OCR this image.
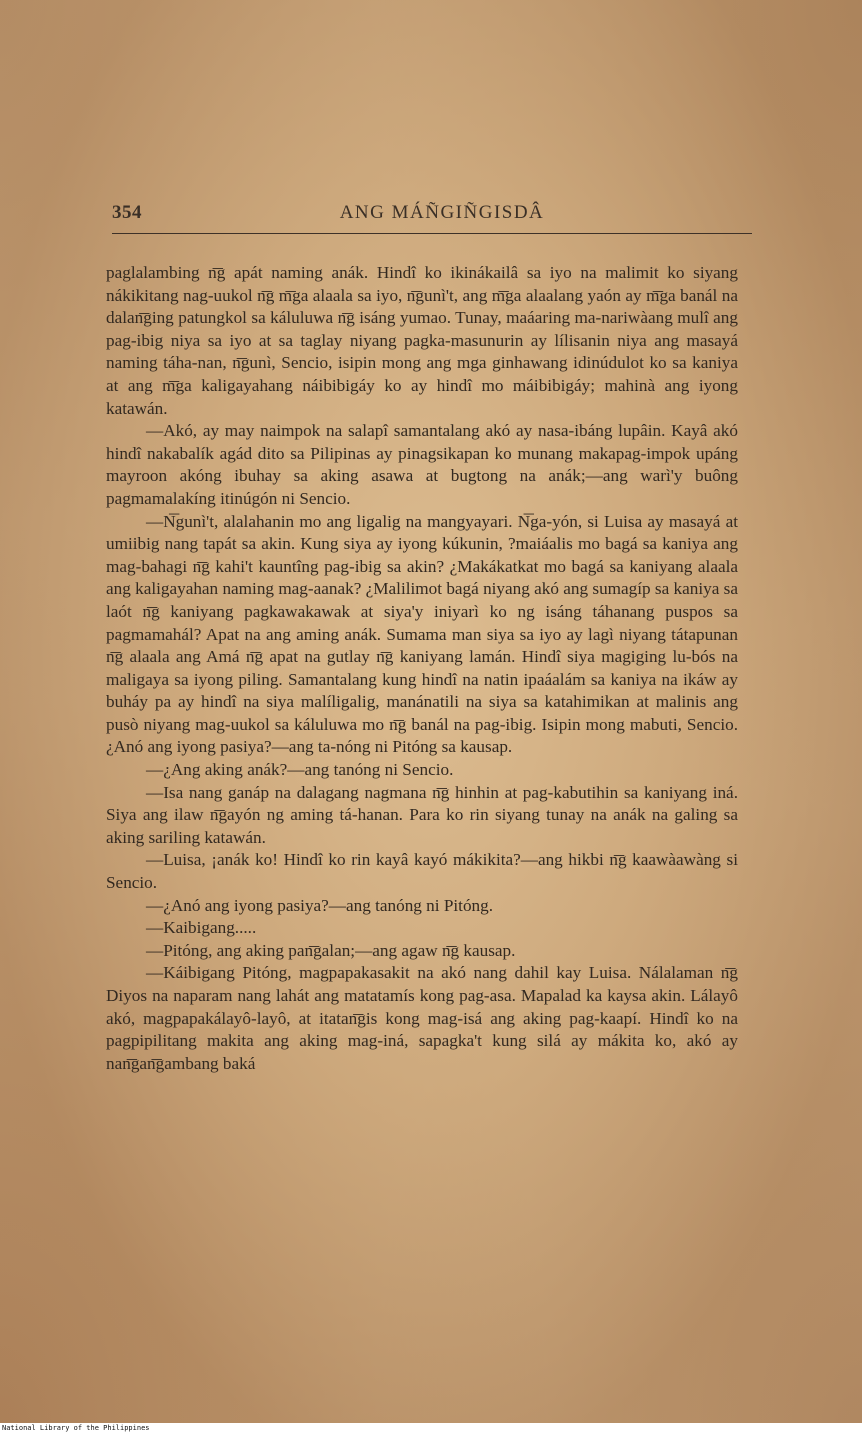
354	ANG MÁÑGIÑGISDÂ

paglalambing n͞g apát naming anák. Hindî ko ikinákailâ sa iyo na malimit ko siyang nákikitang nag-uukol n͞g m͞ga alaala sa iyo, n͞gunì't, ang m͞ga alaalang yaón ay m͞ga banál na dalan͞ging patungkol sa káluluwa n͞g isáng yumao. Tunay, maáaring ma-nariwàang mulî ang pag-ibig niya sa iyo at sa taglay niyang pagka-masunurin ay lílisanin niya ang masayá naming táha-nan, n͞gunì, Sencio, isipin mong ang mga ginhawang idinúdulot ko sa kaniya at ang m͞ga kaligayahang náibibigáy ko ay hindî mo máibibigáy; mahinà ang iyong katawán.

—Akó, ay may naimpok na salapî samantalang akó ay nasa-ibáng lupâin. Kayâ akó hindî nakabalík agád dito sa Pilipinas ay pinagsikapan ko munang makapag-impok upáng mayroon akóng ibuhay sa aking asawa at bugtong na anák;—ang warì'y buông pagmamalakíng itinúgón ni Sencio.

—N͞gunì't, alalahanin mo ang ligalig na mangyayari. N͞ga-yón, si Luisa ay masayá at umiibig nang tapát sa akin. Kung siya ay iyong kúkunin, ?maiáalis mo bagá sa kaniya ang mag-bahagi n͞g kahi't kauntîng pag-ibig sa akin? ¿Makákatkat mo bagá sa kaniyang alaala ang kaligayahan naming mag-aanak? ¿Malilimot bagá niyang akó ang sumagíp sa kaniya sa laót n͞g kaniyang pagkawakawak at siya'y iniyarì ko ng isáng táhanang puspos sa pagmamahál? Apat na ang aming anák. Sumama man siya sa iyo ay lagì niyang tátapunan n͞g alaala ang Amá n͞g apat na gutlay n͞g kaniyang lamán. Hindî siya magiging lu-bós na maligaya sa iyong piling. Samantalang kung hindî na natin ipaáalám sa kaniya na ikáw ay buháy pa ay hindî na siya malíligalig, manánatili na siya sa katahimikan at malinis ang pusò niyang mag-uukol sa káluluwa mo n͞g banál na pag-ibig. Isipin mong mabuti, Sencio. ¿Anó ang iyong pasiya?—ang ta-nóng ni Pitóng sa kausap.

—¿Ang aking anák?—ang tanóng ni Sencio.

—Isa nang ganáp na dalagang nagmana n͞g hinhin at pag-kabutihin sa kaniyang iná. Siya ang ilaw n͞gayón ng aming tá-hanan. Para ko rin siyang tunay na anák na galing sa aking sariling katawán.

—Luisa, ¡anák ko! Hindî ko rin kayâ kayó mákikita?—ang hikbi n͞g kaawàawàng si Sencio.

—¿Anó ang iyong pasiya?—ang tanóng ni Pitóng.

—Kaibigang.....

—Pitóng, ang aking pan͞galan;—ang agaw n͞g kausap.

—Káibigang Pitóng, magpapakasakit na akó nang dahil kay Luisa. Nálalaman n͞g Diyos na naparam nang lahát ang matatamís kong pag-asa. Mapalad ka kaysa akin. Lálayô akó, magpapakálayô-layô, at itatan͞gis kong mag-isá ang aking pag-kaapí. Hindî ko na pagpipilitang makita ang aking mag-iná, sapagka't kung silá ay mákita ko, akó ay nan͞gan͞gambang baká

National Library of the Philippines
